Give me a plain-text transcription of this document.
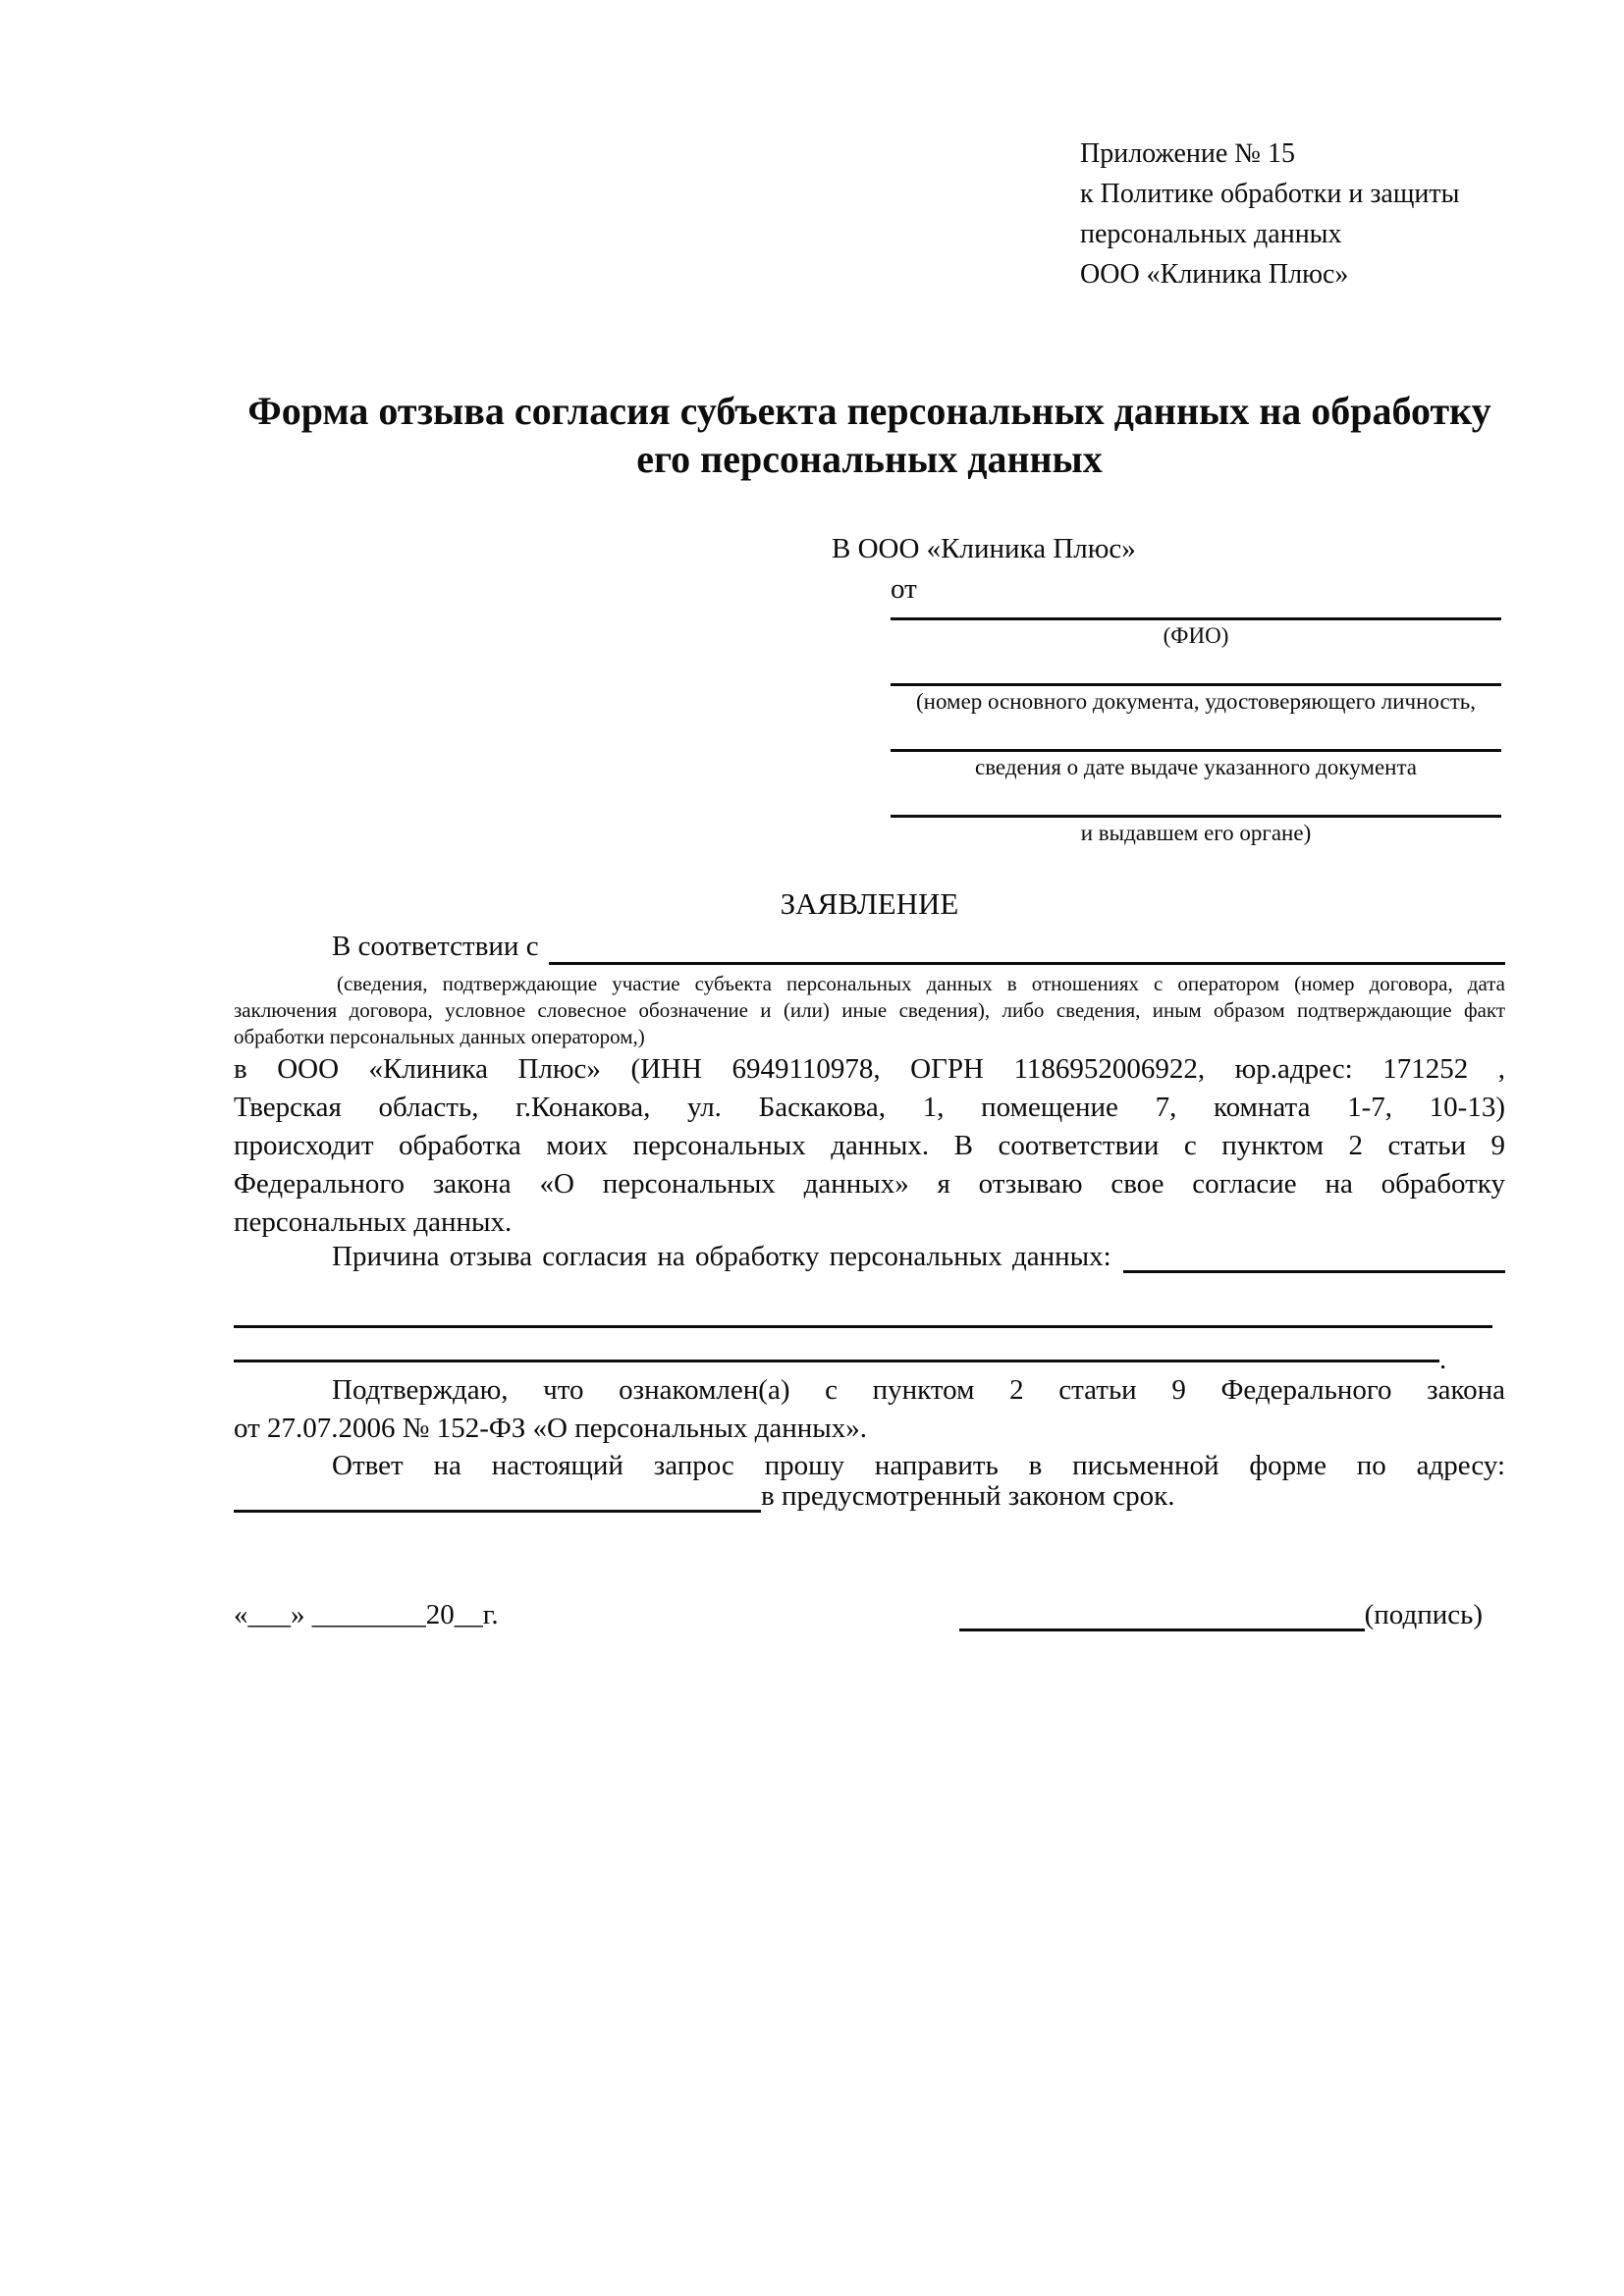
Приложение № 15
к Политике обработки и защиты
персональных данных
ООО «Клиника Плюс»
Форма отзыва согласия субъекта персональных данных на обработку
его персональных данных
В ООО «Клиника Плюс»
от
(ФИО)
(номер основного документа, удостоверяющего личность,
сведения о дате выдаче указанного документа
и выдавшем его органе)
ЗАЯВЛЕНИЕ
В соответствии с
(сведения, подтверждающие участие субъекта персональных данных в отношениях с оператором (номер договора, дата
заключения договора, условное словесное обозначение и (или) иные сведения), либо сведения, иным образом подтверждающие факт
обработки персональных данных оператором,)
в ООО «Клиника Плюс» (ИНН 6949110978, ОГРН 1186952006922, юр.адрес: 171252 ,
Тверская область, г.Конакова, ул. Баскакова, 1, помещение 7, комната 1-7, 10-13)
происходит обработка моих персональных данных. В соответствии с пунктом 2 статьи 9
Федерального закона «О персональных данных» я отзываю свое согласие на обработку
персональных данных.
Причина отзыва согласия на обработку персональных данных:
.
Подтверждаю, что ознакомлен(а) с пунктом 2 статьи 9 Федерального закона
от 27.07.2006 № 152-ФЗ «О персональных данных».
Ответ на настоящий запрос прошу направить в письменной форме по адресу:
в предусмотренный законом срок.
«___» ________20__г.	(подпись)
